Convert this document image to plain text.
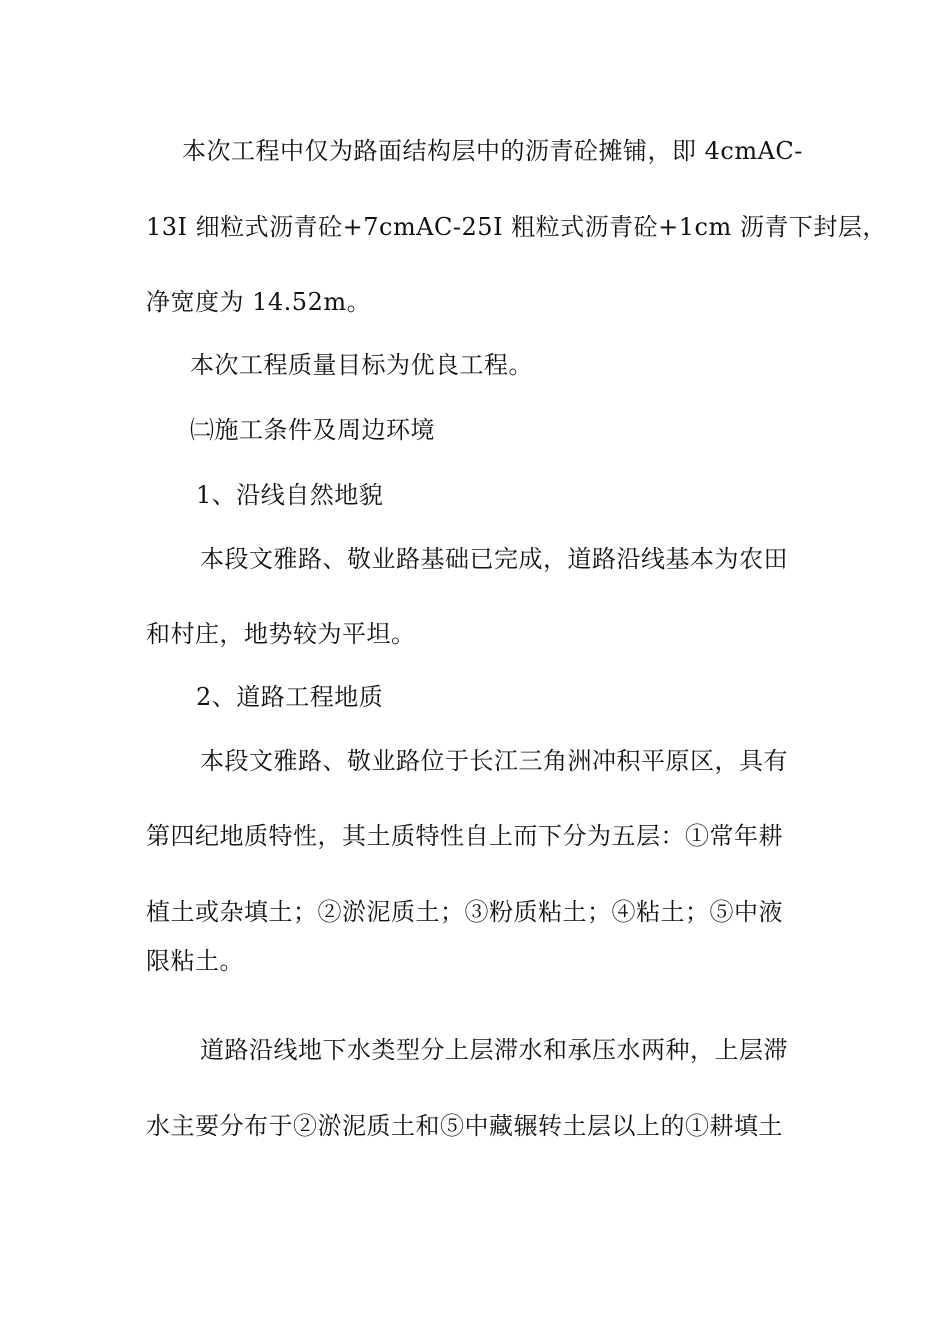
本次工程中仅为路面结构层中的沥青砼摊铺，即 4cmAC-
13I 细粒式沥青砼+7cmAC-25I 粗粒式沥青砼+1cm 沥青下封层，
净宽度为 14.52m。
本次工程质量目标为优良工程。
㈡施工条件及周边环境
1、沿线自然地貌
本段文雅路、敬业路基础已完成，道路沿线基本为农田
和村庄，地势较为平坦。
2、道路工程地质
本段文雅路、敬业路位于长江三角洲冲积平原区，具有
第四纪地质特性，其土质特性自上而下分为五层：①常年耕
植土或杂填土；②淤泥质土；③粉质粘土；④粘土；⑤中液
限粘土。
道路沿线地下水类型分上层滞水和承压水两种，上层滞
水主要分布于②淤泥质土和⑤中藏辗转土层以上的①耕填土
